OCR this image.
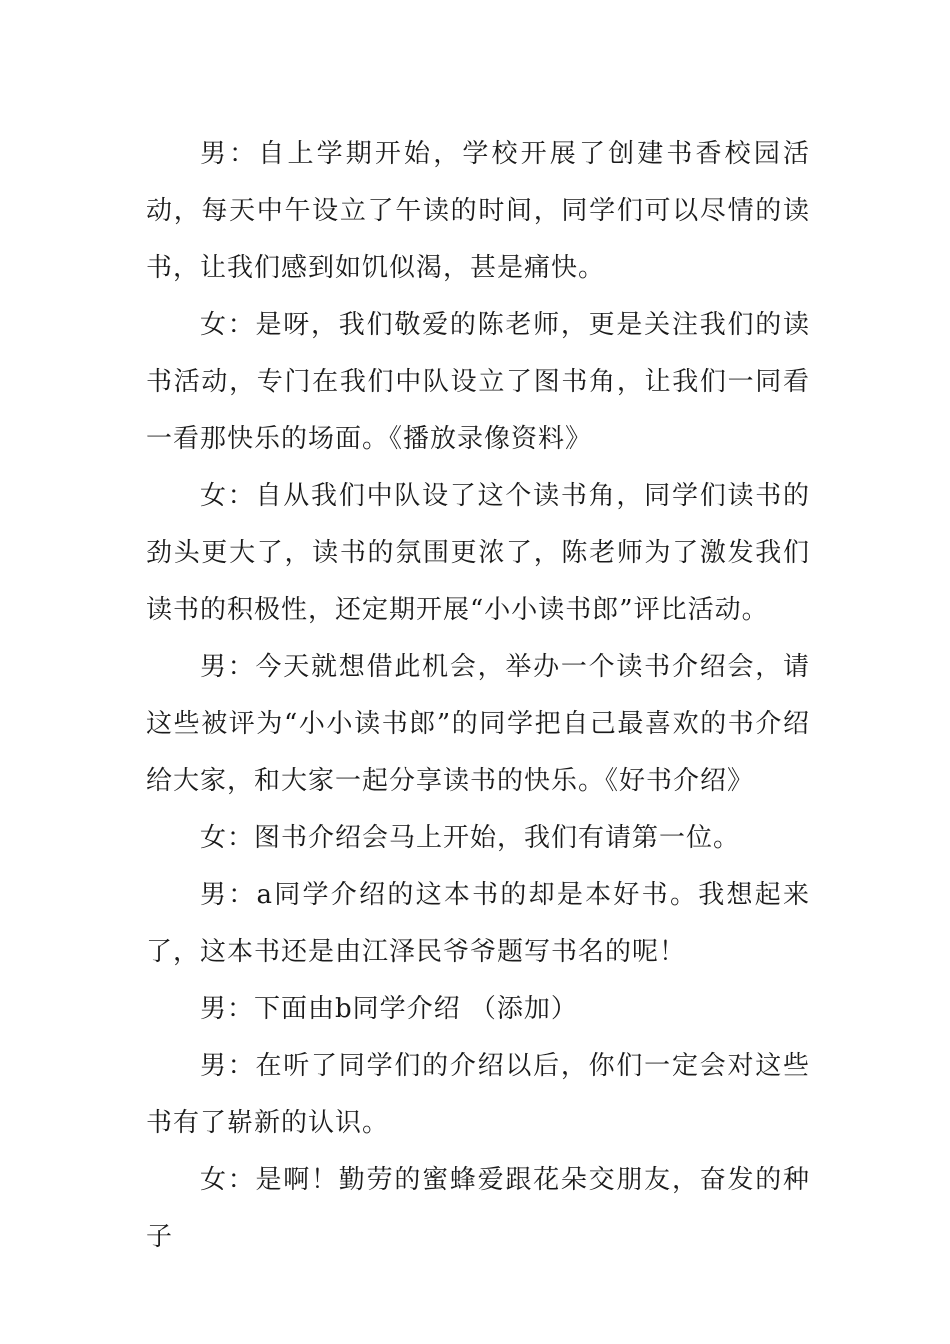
男：自上学期开始，学校开展了创建书香校园活动，每天中午设立了午读的时间，同学们可以尽情的读书，让我们感到如饥似渴，甚是痛快。

女：是呀，我们敬爱的陈老师，更是关注我们的读书活动，专门在我们中队设立了图书角，让我们一同看一看那快乐的场面。《播放录像资料》

女：自从我们中队设了这个读书角，同学们读书的劲头更大了，读书的氛围更浓了，陈老师为了激发我们读书的积极性，还定期开展“小小读书郎”评比活动。

男：今天就想借此机会，举办一个读书介绍会，请这些被评为“小小读书郎”的同学把自己最喜欢的书介绍给大家，和大家一起分享读书的快乐。《好书介绍》

女：图书介绍会马上开始，我们有请第一位。

男：a同学介绍的这本书的却是本好书。我想起来了，这本书还是由江泽民爷爷题写书名的呢！

男：下面由b同学介绍 （添加）

男：在听了同学们的介绍以后，你们一定会对这些书有了崭新的认识。

女：是啊！勤劳的蜜蜂爱跟花朵交朋友，奋发的种子
